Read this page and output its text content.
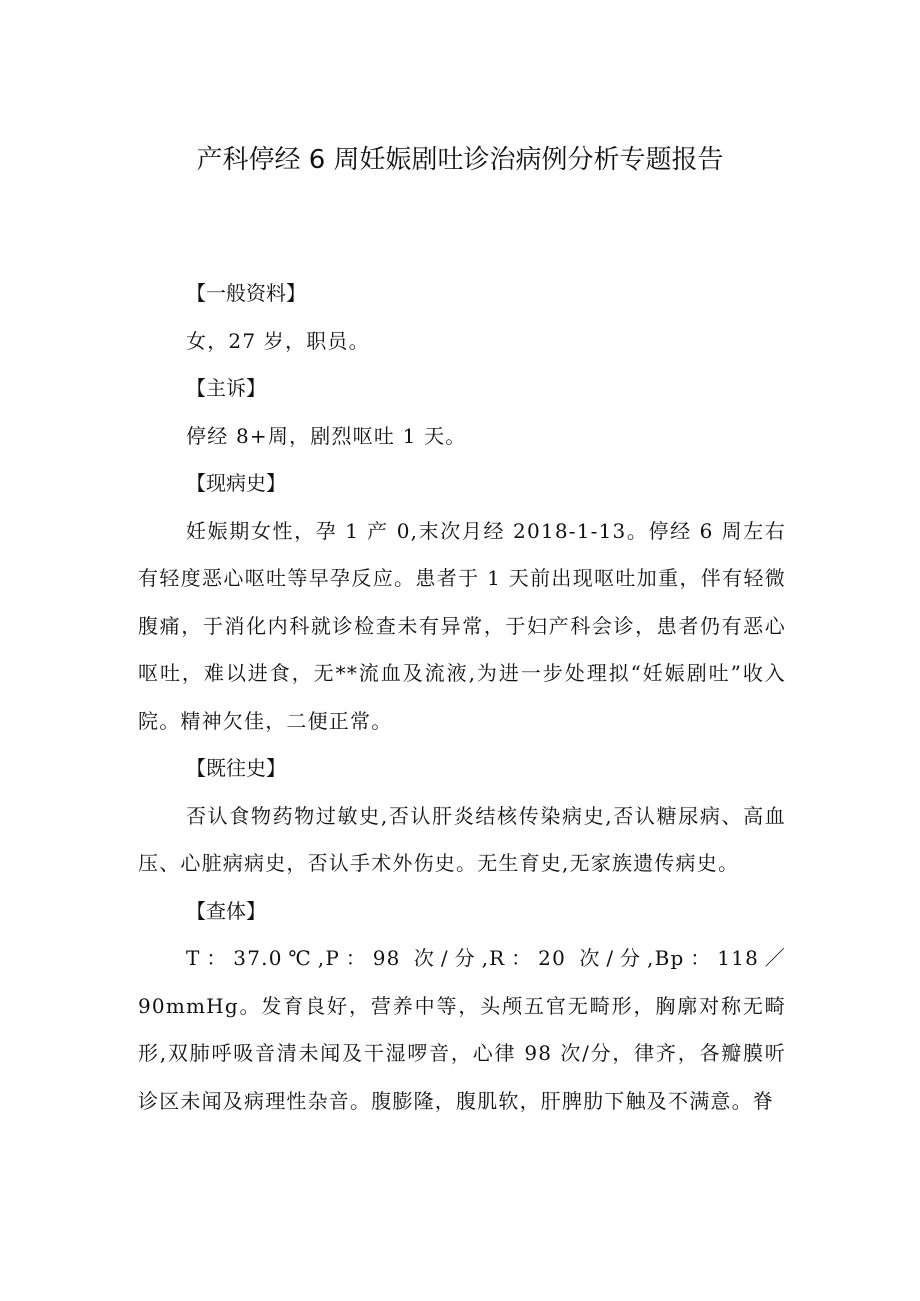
产科停经 6 周妊娠剧吐诊治病例分析专题报告

【一般资料】

女，27 岁，职员。

【主诉】

停经 8+周，剧烈呕吐 1 天。

【现病史】

妊娠期女性，孕 1 产 0,末次月经 2018-1-13。停经 6 周左右有轻度恶心呕吐等早孕反应。患者于 1 天前出现呕吐加重，伴有轻微腹痛，于消化内科就诊检查未有异常，于妇产科会诊，患者仍有恶心呕吐，难以进食，无**流血及流液,为进一步处理拟“妊娠剧吐”收入院。精神欠佳，二便正常。

【既往史】

否认食物药物过敏史,否认肝炎结核传染病史,否认糖尿病、高血压、心脏病病史，否认手术外伤史。无生育史,无家族遗传病史。

【查体】

T：37.0℃,P：98 次/分,R：20 次/分,Bp：118／90mmHg。发育良好，营养中等，头颅五官无畸形，胸廓对称无畸形,双肺呼吸音清未闻及干湿啰音，心律 98 次/分，律齐，各瓣膜听诊区未闻及病理性杂音。腹膨隆，腹肌软，肝脾肋下触及不满意。脊
